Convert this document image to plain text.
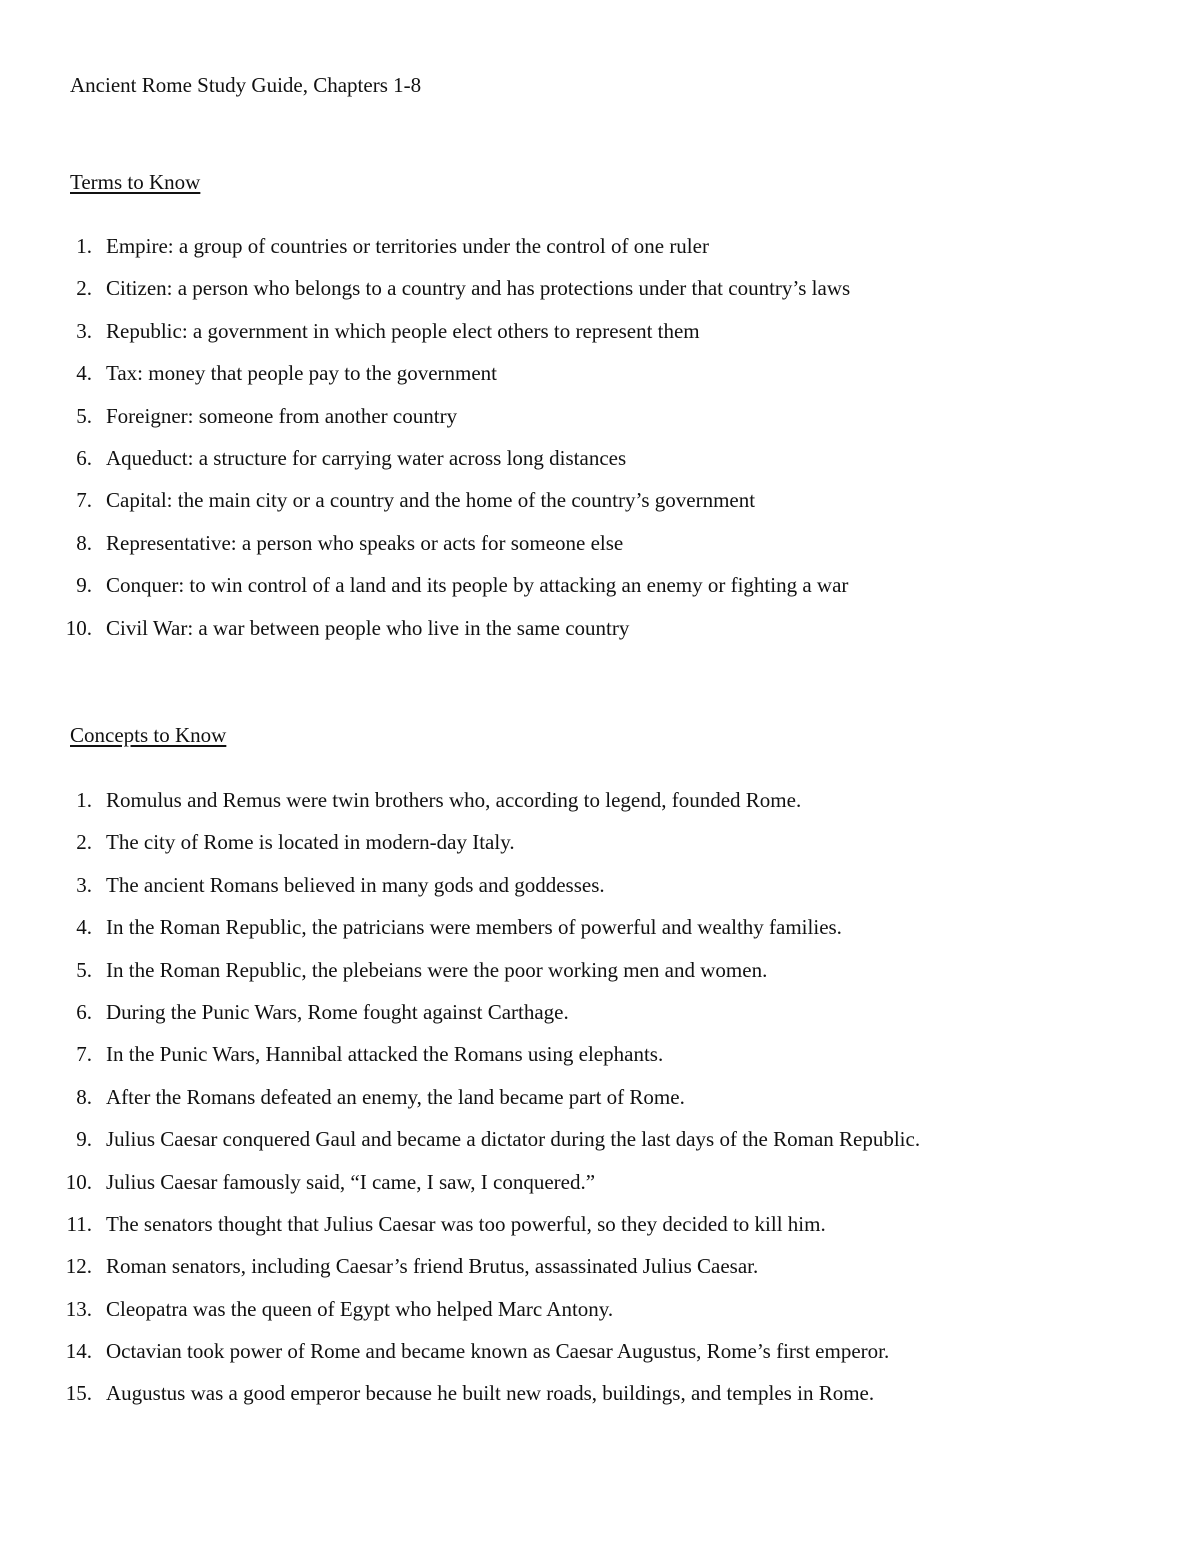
Ancient Rome Study Guide, Chapters 1-8
Terms to Know
1. Empire: a group of countries or territories under the control of one ruler
2. Citizen: a person who belongs to a country and has protections under that country’s laws
3. Republic: a government in which people elect others to represent them
4. Tax: money that people pay to the government
5. Foreigner: someone from another country
6. Aqueduct: a structure for carrying water across long distances
7. Capital: the main city or a country and the home of the country’s government
8. Representative: a person who speaks or acts for someone else
9. Conquer: to win control of a land and its people by attacking an enemy or fighting a war
10. Civil War: a war between people who live in the same country
Concepts to Know
1. Romulus and Remus were twin brothers who, according to legend, founded Rome.
2. The city of Rome is located in modern-day Italy.
3. The ancient Romans believed in many gods and goddesses.
4. In the Roman Republic, the patricians were members of powerful and wealthy families.
5. In the Roman Republic, the plebeians were the poor working men and women.
6. During the Punic Wars, Rome fought against Carthage.
7. In the Punic Wars, Hannibal attacked the Romans using elephants.
8. After the Romans defeated an enemy, the land became part of Rome.
9. Julius Caesar conquered Gaul and became a dictator during the last days of the Roman Republic.
10. Julius Caesar famously said, “I came, I saw, I conquered.”
11. The senators thought that Julius Caesar was too powerful, so they decided to kill him.
12. Roman senators, including Caesar’s friend Brutus, assassinated Julius Caesar.
13. Cleopatra was the queen of Egypt who helped Marc Antony.
14. Octavian took power of Rome and became known as Caesar Augustus, Rome’s first emperor.
15. Augustus was a good emperor because he built new roads, buildings, and temples in Rome.
